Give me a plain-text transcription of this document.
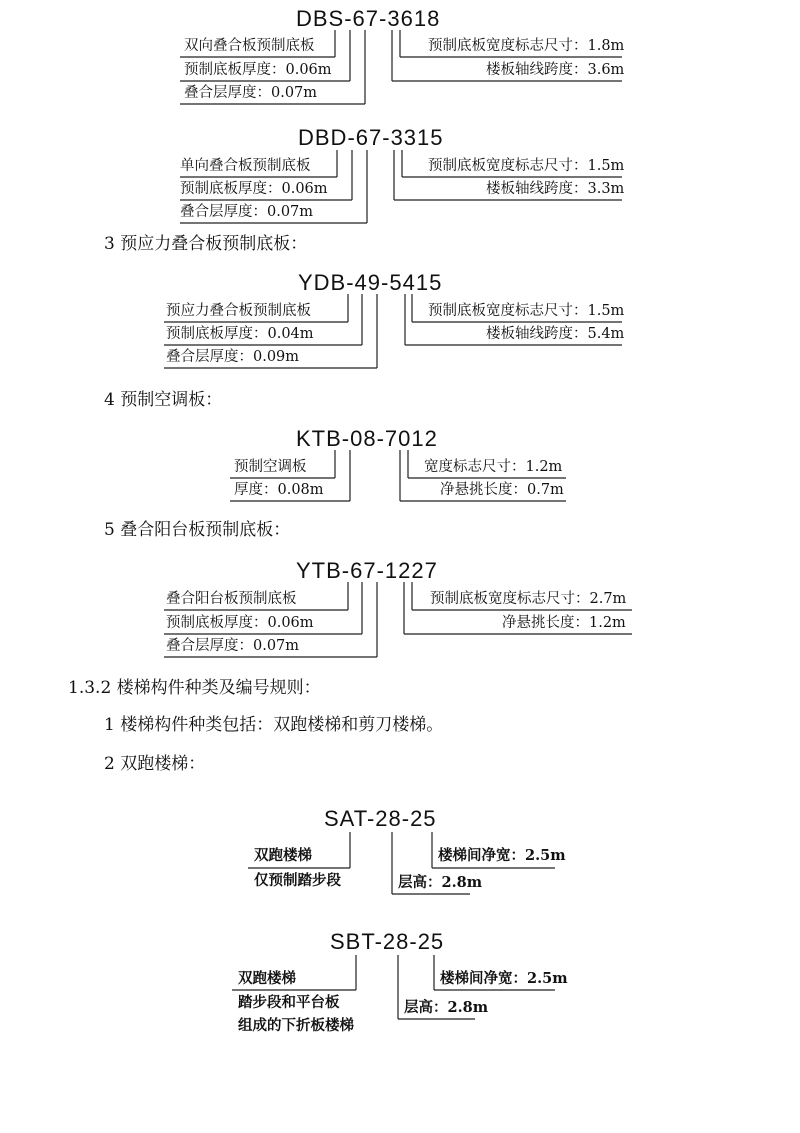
DBS-67-3618
双向叠合板预制底板
预制底板厚度：0.06m
叠合层厚度：0.07m
预制底板宽度标志尺寸：1.8m
楼板轴线跨度：3.6m
DBD-67-3315
单向叠合板预制底板
预制底板厚度：0.06m
叠合层厚度：0.07m
预制底板宽度标志尺寸：1.5m
楼板轴线跨度：3.3m
3 预应力叠合板预制底板：
YDB-49-5415
预应力叠合板预制底板
预制底板厚度：0.04m
叠合层厚度：0.09m
预制底板宽度标志尺寸：1.5m
楼板轴线跨度：5.4m
4 预制空调板：
KTB-08-7012
预制空调板
厚度：0.08m
宽度标志尺寸：1.2m
净悬挑长度：0.7m
5 叠合阳台板预制底板：
YTB-67-1227
叠合阳台板预制底板
预制底板厚度：0.06m
叠合层厚度：0.07m
预制底板宽度标志尺寸：2.7m
净悬挑长度：1.2m
1.3.2 楼梯构件种类及编号规则：
1 楼梯构件种类包括：双跑楼梯和剪刀楼梯。
2 双跑楼梯：
SAT-28-25
双跑楼梯
仅预制踏步段
楼梯间净宽：2.5m
层高：2.8m
SBT-28-25
双跑楼梯
踏步段和平台板
组成的下折板楼梯
楼梯间净宽：2.5m
层高：2.8m
